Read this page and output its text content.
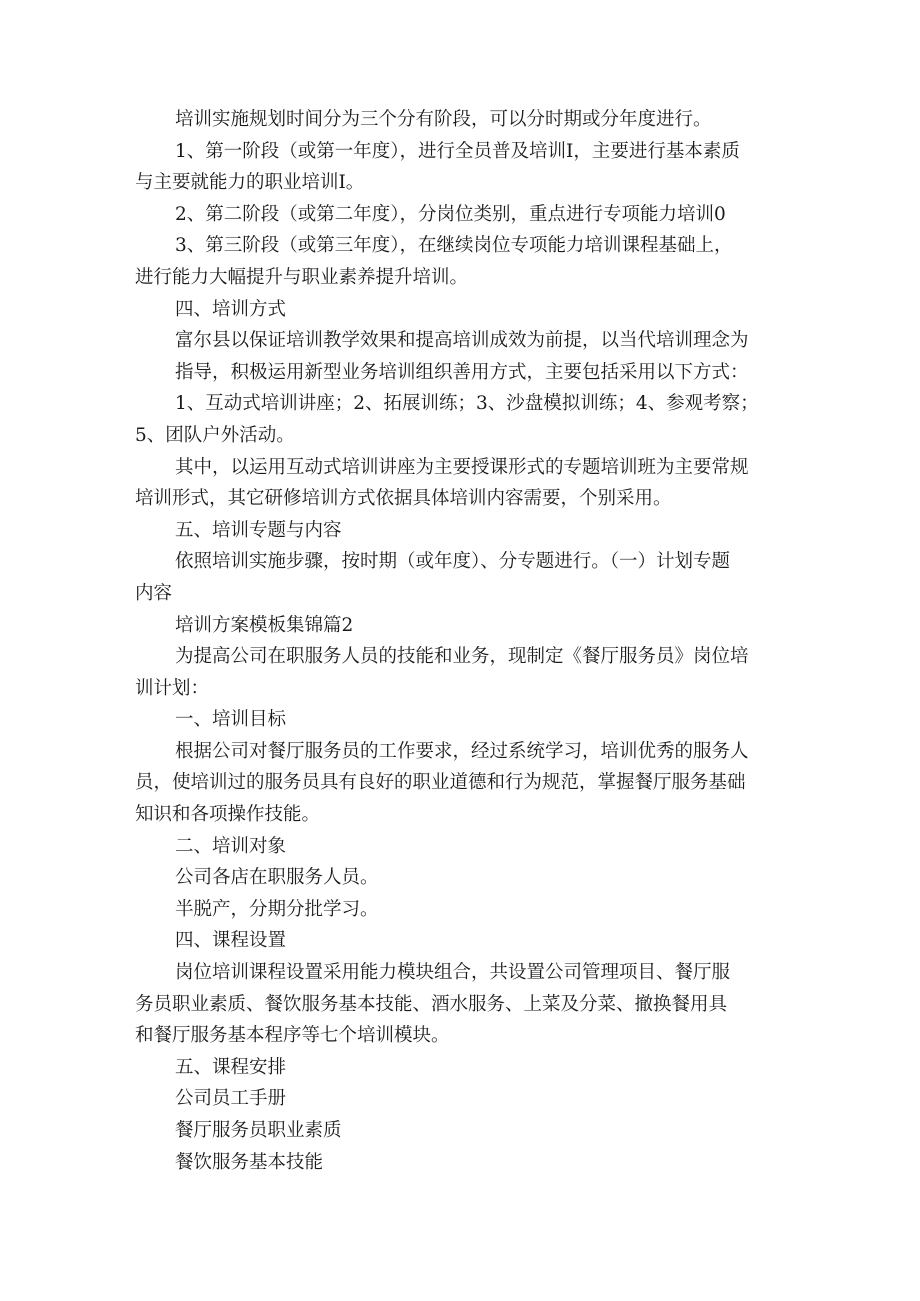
培训实施规划时间分为三个分有阶段，可以分时期或分年度进行。

1、第一阶段（或第一年度），进行全员普及培训I，主要进行基本素质

与主要就能力的职业培训I。

2、第二阶段（或第二年度），分岗位类别，重点进行专项能力培训0

3、第三阶段（或第三年度），在继续岗位专项能力培训课程基础上，

进行能力大幅提升与职业素养提升培训。

四、培训方式

富尔县以保证培训教学效果和提高培训成效为前提，以当代培训理念为

指导，积极运用新型业务培训组织善用方式，主要包括采用以下方式：

1、互动式培训讲座；2、拓展训练；3、沙盘模拟训练；4、参观考察；

5、团队户外活动。

其中，以运用互动式培训讲座为主要授课形式的专题培训班为主要常规

培训形式，其它研修培训方式依据具体培训内容需要，个别采用。

五、培训专题与内容

依照培训实施步骤，按时期（或年度）、分专题进行。（一）计划专题

内容

培训方案模板集锦篇2

为提高公司在职服务人员的技能和业务，现制定《餐厅服务员》岗位培

训计划：

一、培训目标

根据公司对餐厅服务员的工作要求，经过系统学习，培训优秀的服务人

员，使培训过的服务员具有良好的职业道德和行为规范，掌握餐厅服务基础

知识和各项操作技能。

二、培训对象

公司各店在职服务人员。

半脱产，分期分批学习。

四、课程设置

岗位培训课程设置采用能力模块组合，共设置公司管理项目、餐厅服

务员职业素质、餐饮服务基本技能、酒水服务、上菜及分菜、撤换餐用具

和餐厅服务基本程序等七个培训模块。

五、课程安排

公司员工手册

餐厅服务员职业素质

餐饮服务基本技能
